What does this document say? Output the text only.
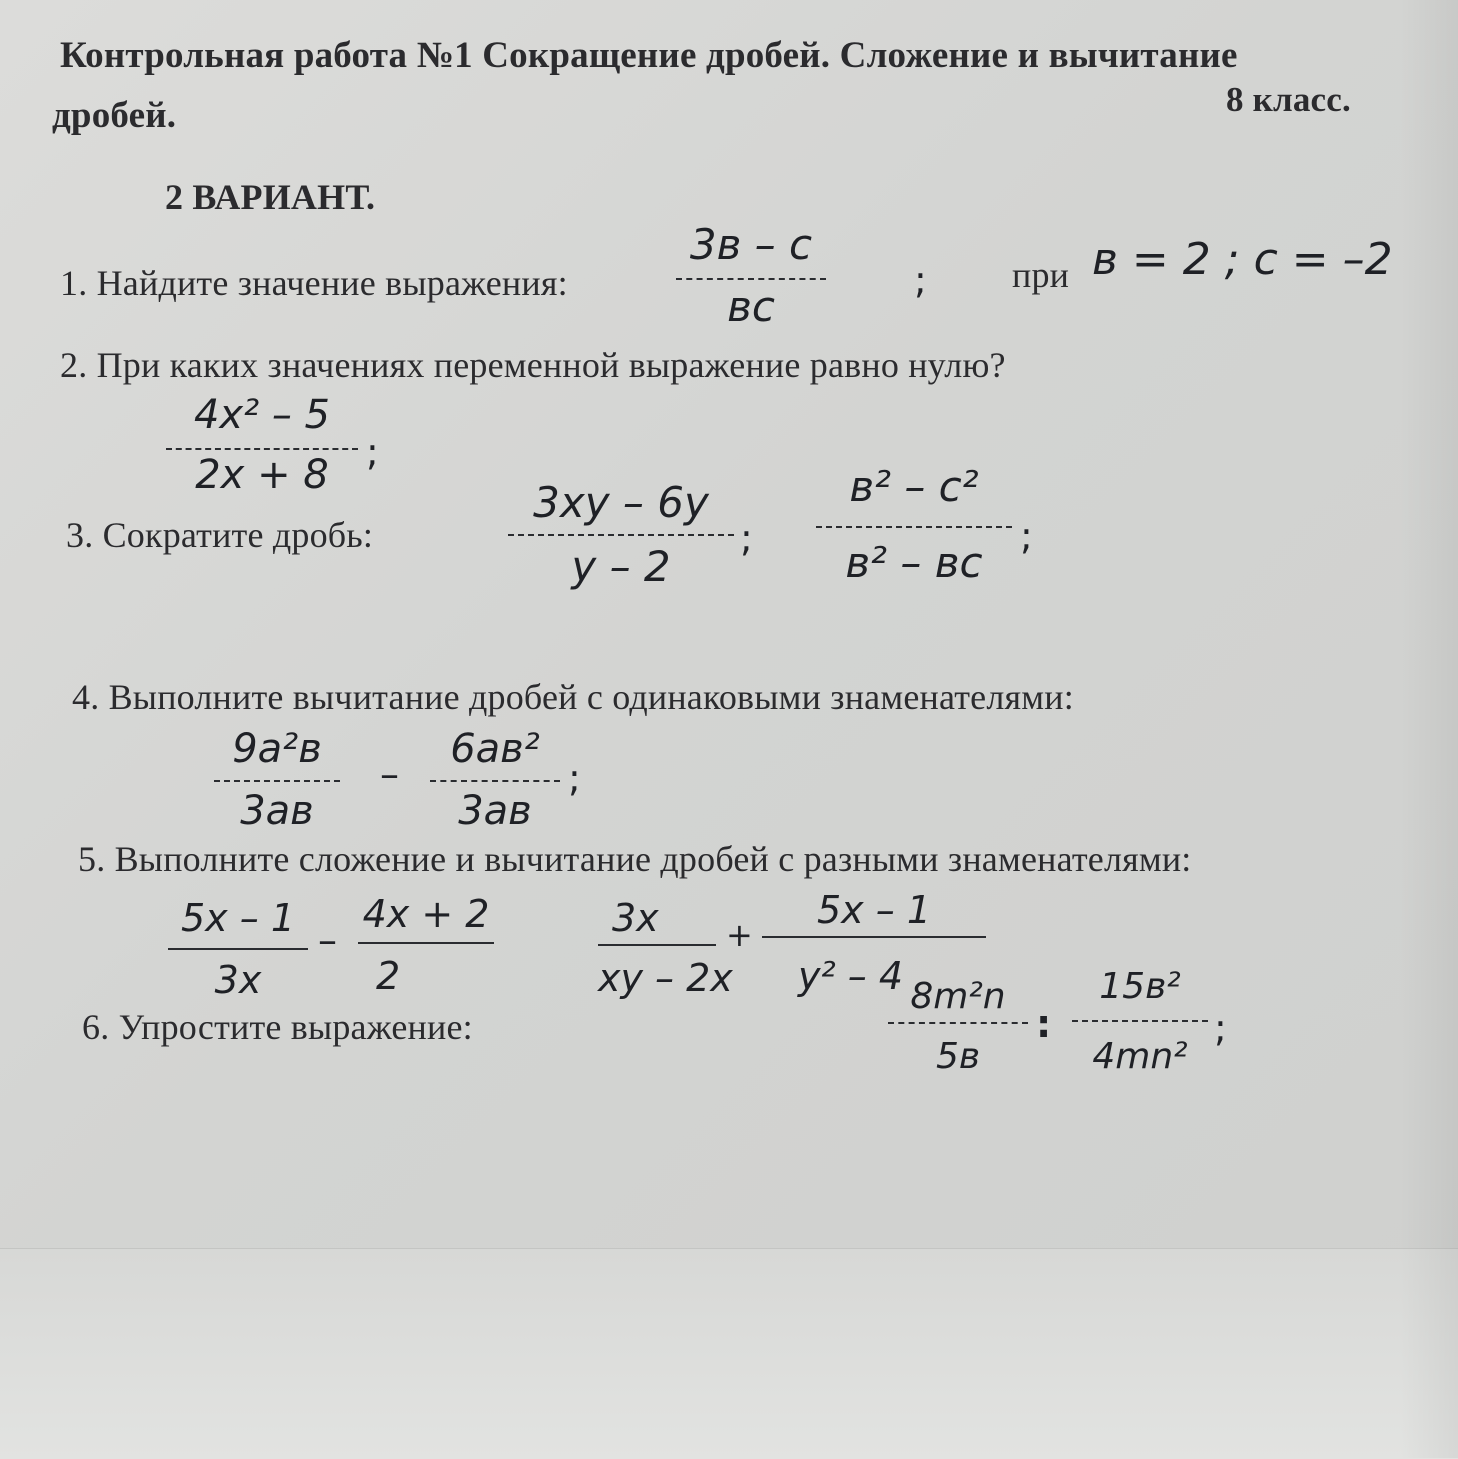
Контрольная работа №1 Сокращение дробей. Сложение и вычитание
дробей.	8 класс.
2 ВАРИАНТ.
1. Найдите значение выражения:
3в – с
вс
; при в = 2 ; с = –2
2. При каких значениях переменной выражение равно нулю?
4x² – 5
2x + 8 ;
3. Сократите дробь:
3xy – 6y
y – 2
;
в² – с²
в² – вс
;
4. Выполните вычитание дробей с одинаковыми знаменателями:
9a²в
3aв
–
6aв²
3aв
;
5. Выполните сложение и вычитание дробей с разными знаменателями:
5x – 1
3x
–
4x + 2
2
3x
xy – 2x
+
5x – 1
y² – 4
6. Упростите выражение:
8m²n
5в
:
15в²
4mn²
;
